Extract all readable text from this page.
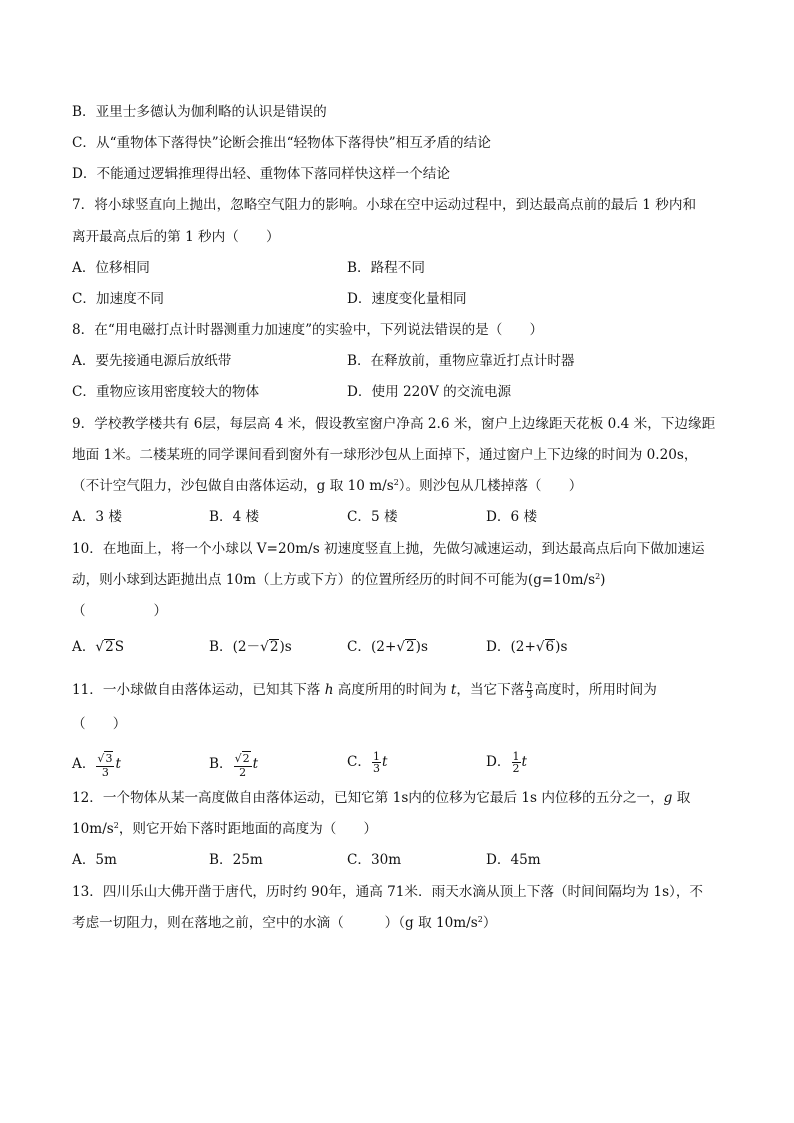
B．亚里士多德认为伽利略的认识是错误的
C．从“重物体下落得快”论断会推出“轻物体下落得快”相互矛盾的结论
D．不能通过逻辑推理得出轻、重物体下落同样快这样一个结论
7．将小球竖直向上抛出，忽略空气阻力的影响。小球在空中运动过程中，到达最高点前的最后 1 秒内和
离开最高点后的第 1 秒内（　　）
A．位移相同	B．路程不同
C．加速度不同	D．速度变化量相同
8．在“用电磁打点计时器测重力加速度”的实验中，下列说法错误的是（　　）
A．要先接通电源后放纸带	B．在释放前，重物应靠近打点计时器
C．重物应该用密度较大的物体	D．使用 220V 的交流电源
9．学校教学楼共有 6层，每层高 4 米，假设教室窗户净高 2.6 米，窗户上边缘距天花板 0.4 米，下边缘距
地面 1米。二楼某班的同学课间看到窗外有一球形沙包从上面掉下，通过窗户上下边缘的时间为 0.20s，
（不计空气阻力，沙包做自由落体运动，g 取 10 $m/s^2$）。则沙包从几楼掉落（　　）
A．3 楼	B．4 楼	C．5 楼	D．6 楼
10．在地面上，将一个小球以 V=20m/s 初速度竖直上抛，先做匀减速运动，到达最高点后向下做加速运
动，则小球到达距抛出点 10m（上方或下方）的位置所经历的时间不可能为$(g=10m/s^2)$
（　　　　　）
A．√2S	B．(2－√2)s	C．(2+√2)s	D．(2+√6)s
11．一小球做自由落体运动，已知其下落 h 高度所用的时间为 t，当它下落 $\frac{h}{3}$ 高度时，所用时间为
（　　）
A． $\frac{√3}{3}$ t	B． $\frac{√2}{2}$ t	C． $\frac{1}{3}$ t	D． $\frac{1}{2}$ t
12．一个物体从某一高度做自由落体运动，已知它第 1s内的位移为它最后 1s 内位移的五分之一，g 取
$10m/s^2$，则它开始下落时距地面的高度为（　　）
A．5m	B．25m	C．30m	D．45m
13．四川乐山大佛开凿于唐代，历时约 90年，通高 71米．雨天水滴从顶上下落（时间间隔均为 1s），不
考虑一切阻力，则在落地之前，空中的水滴（　　　）（g 取 $10m/s^2$）
